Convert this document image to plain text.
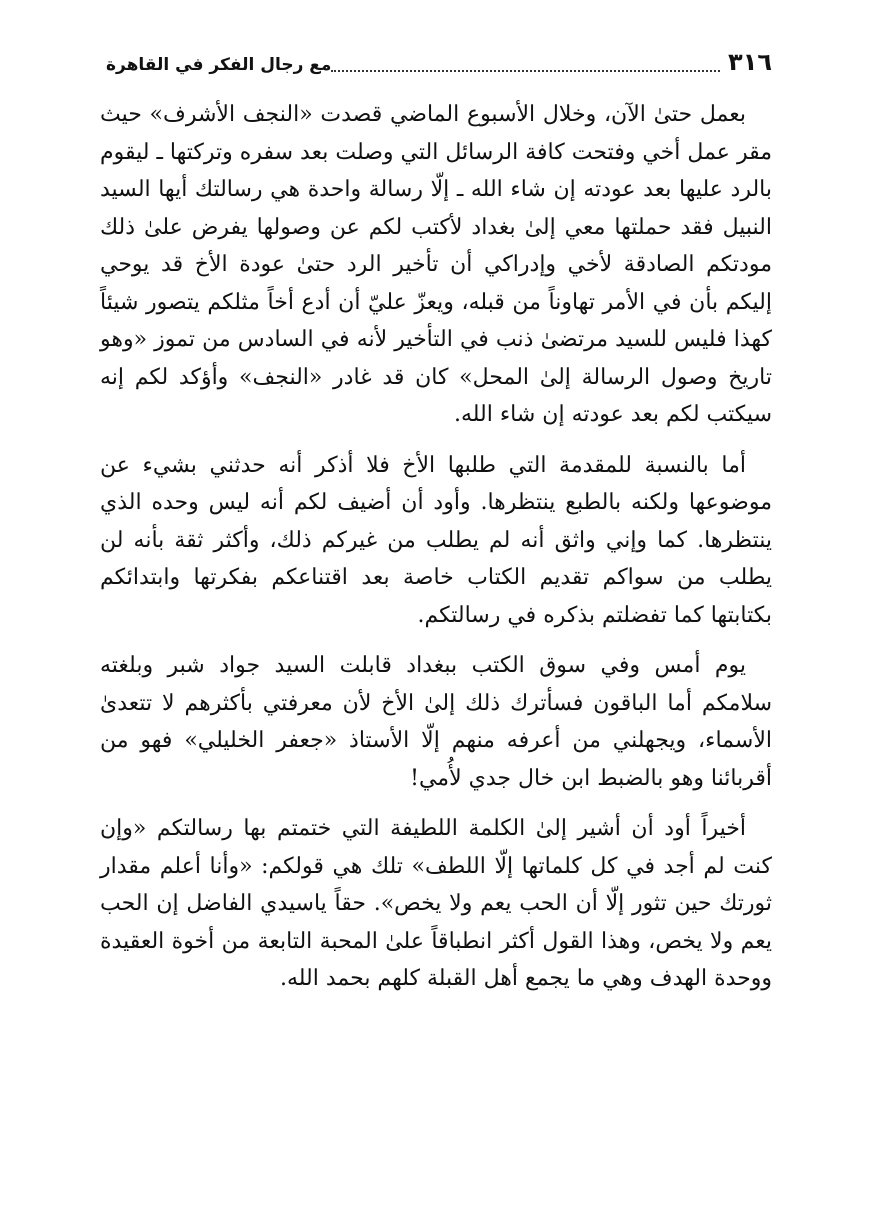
٣١٦
مع رجال الفكر في القاهرة

بعمل حتىٰ الآن، وخلال الأسبوع الماضي قصدت «النجف الأشرف» حيث مقر عمل أخي وفتحت كافة الرسائل التي وصلت بعد سفره وتركتها ـ ليقوم بالرد عليها بعد عودته إن شاء الله ـ إلّا رسالة واحدة هي رسالتك أيها السيد النبيل فقد حملتها معي إلىٰ بغداد لأكتب لكم عن وصولها يفرض علىٰ ذلك مودتكم الصادقة لأخي وإدراكي أن تأخير الرد حتىٰ عودة الأخ قد يوحي إليكم بأن في الأمر تهاوناً من قبله، ويعزّ عليّ أن أدع أخاً مثلكم يتصور شيئاً كهذا فليس للسيد مرتضىٰ ذنب في التأخير لأنه في السادس من تموز «وهو تاريخ وصول الرسالة إلىٰ المحل» كان قد غادر «النجف» وأؤكد لكم إنه سيكتب لكم بعد عودته إن شاء الله.

أما بالنسبة للمقدمة التي طلبها الأخ فلا أذكر أنه حدثني بشيء عن موضوعها ولكنه بالطبع ينتظرها. وأود أن أضيف لكم أنه ليس وحده الذي ينتظرها. كما وإني واثق أنه لم يطلب من غيركم ذلك، وأكثر ثقة بأنه لن يطلب من سواكم تقديم الكتاب خاصة بعد اقتناعكم بفكرتها وابتدائكم بكتابتها كما تفضلتم بذكره في رسالتكم.

يوم أمس وفي سوق الكتب ببغداد قابلت السيد جواد شبر وبلغته سلامكم أما الباقون فسأترك ذلك إلىٰ الأخ لأن معرفتي بأكثرهم لا تتعدىٰ الأسماء، ويجهلني من أعرفه منهم إلّا الأستاذ «جعفر الخليلي» فهو من أقربائنا وهو بالضبط ابن خال جدي لأُمي!

أخيراً أود أن أشير إلىٰ الكلمة اللطيفة التي ختمتم بها رسالتكم «وإن كنت لم أجد في كل كلماتها إلّا اللطف» تلك هي قولكم: «وأنا أعلم مقدار ثورتك حين تثور إلّا أن الحب يعم ولا يخص». حقاً ياسيدي الفاضل إن الحب يعم ولا يخص، وهذا القول أكثر انطباقاً علىٰ المحبة التابعة من أخوة العقيدة ووحدة الهدف وهي ما يجمع أهل القبلة كلهم بحمد الله.
